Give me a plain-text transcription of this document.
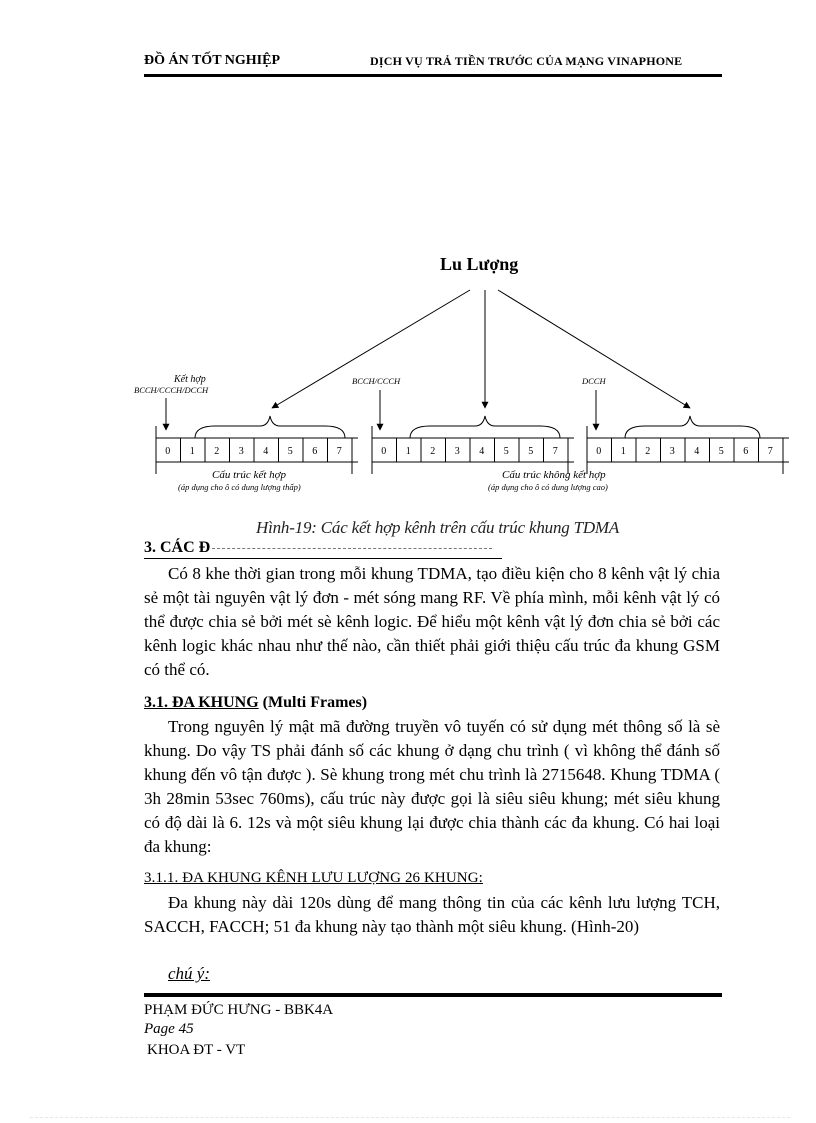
ĐỒ ÁN TỐT NGHIỆP	DỊCH VỤ TRẢ TIỀN TRƯỚC CỦA MẠNG VINAPHONE
Lu Lượng
Kết hợp
BCCH/CCCH/DCCH
BCCH/CCCH	DCCH
0 1 2 3 4 5 6 7	0 1 2 3 4 5 5 7	0 1 2 3 4 5 6 7
Cấu trúc kết hợp
(áp dụng cho ô có dung lượng thấp)
Cấu trúc không kết hợp
(áp dụng cho ô có dung lượng cao)
Hình-19: Các kết hợp kênh trên cấu trúc khung TDMA
3. CÁC Đ

Có 8 khe thời gian trong mỗi khung TDMA, tạo điều kiện cho 8 kênh vật lý chia sẻ một tài nguyên vật lý đơn - mét sóng mang RF. Về phía mình, mỗi kênh vật lý có thể được chia sẻ bởi mét sè kênh logic. Để hiểu một kênh vật lý đơn chia sẻ bởi các kênh logic khác nhau như thế nào, cần thiết phải giới thiệu cấu trúc đa khung GSM có thể có.

3.1. ĐA KHUNG (Multi Frames)

Trong nguyên lý mật mã đường truyền vô tuyến có sử dụng mét thông số là sè khung. Do vậy TS phải đánh số các khung ở dạng chu trình ( vì không thể đánh số khung đến vô tận được ). Sè khung trong mét chu trình là 2715648. Khung TDMA ( 3h 28min 53sec 760ms), cấu trúc này được gọi là siêu siêu khung; mét siêu khung có độ dài là 6. 12s và một siêu khung lại được chia thành các đa khung. Có hai loại đa khung:

3.1.1. ĐA KHUNG KÊNH LƯU LƯỢNG 26 KHUNG:

Đa khung này dài 120s dùng để mang thông tin của các kênh lưu lượng TCH, SACCH, FACCH; 51 đa khung này tạo thành một siêu khung. (Hình-20)

chú ý:
PHẠM ĐỨC HƯNG - BBK4A
Page 45
KHOA ĐT - VT
